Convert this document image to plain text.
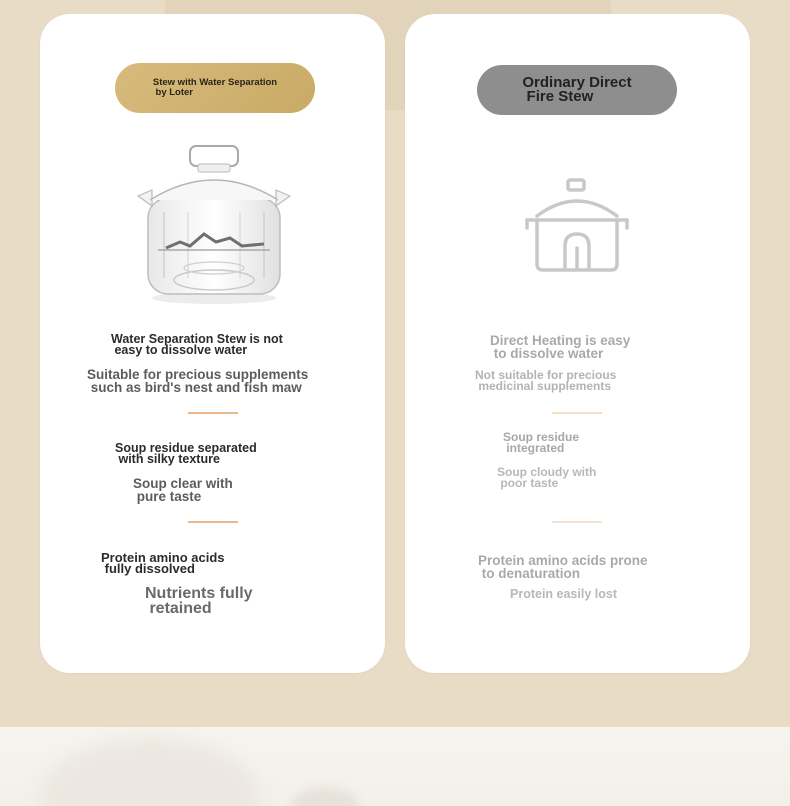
Stew with Water Separation
by Loter
Water Separation Stew is not
easy to dissolve water
Suitable for precious supplements
such as bird's nest and fish maw
Soup residue separated
with silky texture
Soup clear with
pure taste
Protein amino acids
fully dissolved
Nutrients fully
retained
Ordinary Direct
Fire Stew
Direct Heating is easy
to dissolve water
Not suitable for precious
medicinal supplements
Soup residue
integrated
Soup cloudy with
poor taste
Protein amino acids prone
to denaturation
Protein easily lost
